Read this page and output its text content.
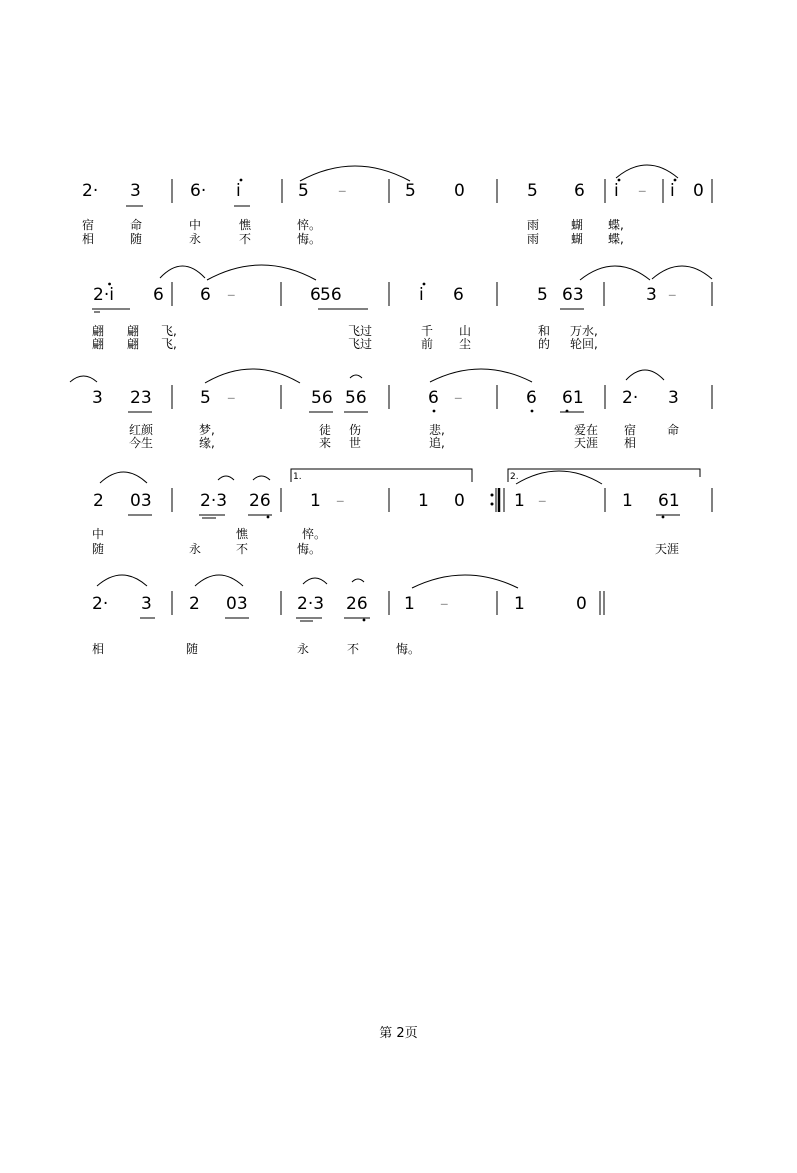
2· 3	6· i	5 –	5 0	5 6 i – i 0
2·i 6 6 –	6 56	i 6	5 63	3 –
3 23	5 –	56 56	6 –	6 61 2· 3
2 03	2·3 26 1 –	1 0	1 –	1 61
1.	2.
2· 3 2 03	2·3 26 1 –	1	0
宿	命	中	憔	悴。	雨	蝴 蝶,
相	随	永	不	悔。	雨	蝴 蝶,
翩 翩 飞,	飞过	千 山	和 万水,
翩 翩 飞,	飞过	前 尘	的 轮回,
红颜	梦,	徒 伤	悲,	爱在 宿	命
今生	缘,	来 世	追,	天涯 相
中	憔	悴。
随	永	不	悔。	天涯
相	随	永	不	悔。
第 2页
